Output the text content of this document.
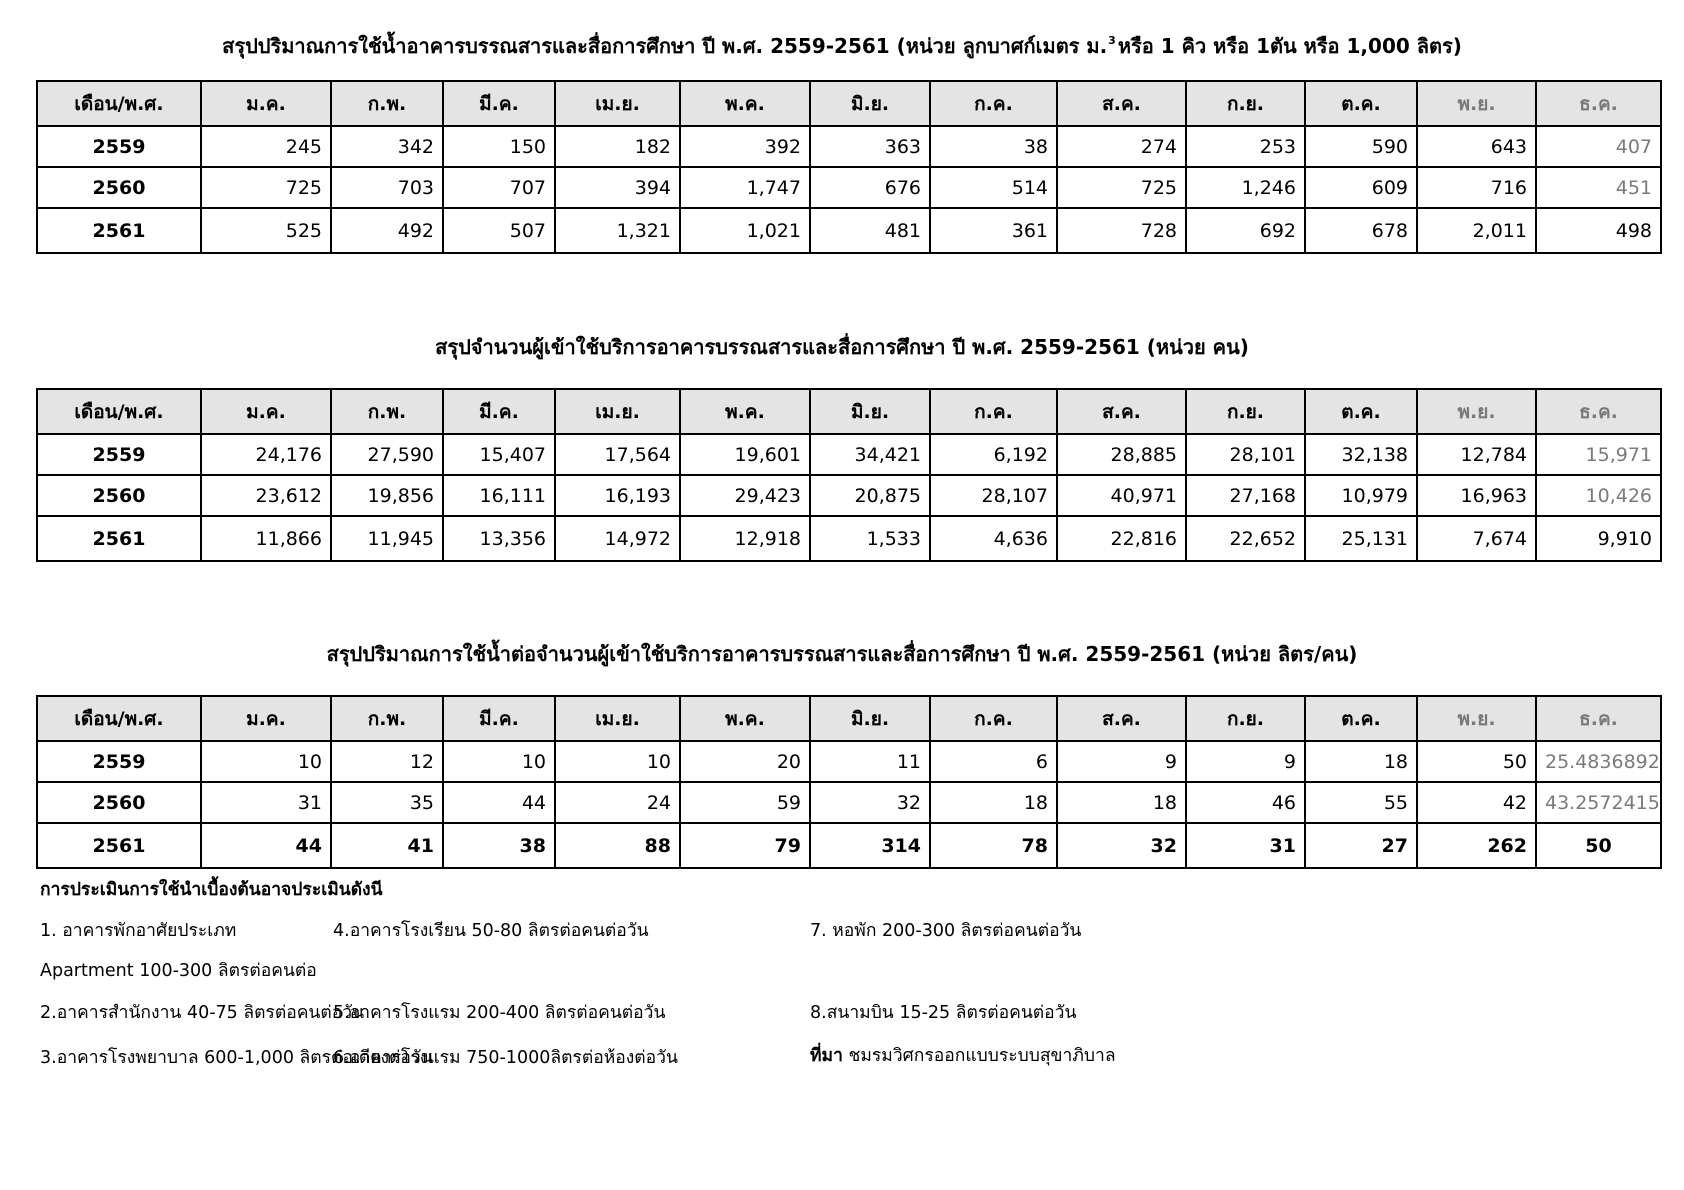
สรุปปริมาณการใช้น้ำอาคารบรรณสารและสื่อการศึกษา ปี พ.ศ. 2559-2561 (หน่วย ลูกบาศก์เมตร ม.$^3$ หรือ 1 คิว หรือ 1ตัน หรือ 1,000 ลิตร)
เดือน/พ.ศ.	ม.ค.	ก.พ.	มี.ค.	เม.ย.	พ.ค.	มิ.ย.	ก.ค.	ส.ค.	ก.ย.	ต.ค.	พ.ย.	ธ.ค.
2559	245	342	150	182	392	363	38	274	253	590	643	407
2560	725	703	707	394	1,747	676	514	725	1,246	609	716	451
2561	525	492	507	1,321	1,021	481	361	728	692	678	2,011	498
สรุปจำนวนผู้เข้าใช้บริการอาคารบรรณสารและสื่อการศึกษา ปี พ.ศ. 2559-2561 (หน่วย คน)
เดือน/พ.ศ.	ม.ค.	ก.พ.	มี.ค.	เม.ย.	พ.ค.	มิ.ย.	ก.ค.	ส.ค.	ก.ย.	ต.ค.	พ.ย.	ธ.ค.
2559	24,176	27,590	15,407	17,564	19,601	34,421	6,192	28,885	28,101	32,138	12,784	15,971
2560	23,612	19,856	16,111	16,193	29,423	20,875	28,107	40,971	27,168	10,979	16,963	10,426
2561	11,866	11,945	13,356	14,972	12,918	1,533	4,636	22,816	22,652	25,131	7,674	9,910
สรุปปริมาณการใช้น้ำต่อจำนวนผู้เข้าใช้บริการอาคารบรรณสารและสื่อการศึกษา ปี พ.ศ. 2559-2561 (หน่วย ลิตร/คน)
เดือน/พ.ศ.	ม.ค.	ก.พ.	มี.ค.	เม.ย.	พ.ค.	มิ.ย.	ก.ค.	ส.ค.	ก.ย.	ต.ค.	พ.ย.	ธ.ค.
2559	10	12	10	10	20	11	6	9	9	18	50	25.4836892
2560	31	35	44	24	59	32	18	18	46	55	42	43.2572415
2561	44	41	38	88	79	314	78	32	31	27	262	50
การประเมินการใช้นำเบื้องต้นอาจประเมินดังนี
1. อาคารพักอาศัยประเภท
Apartment 100-300 ลิตรต่อคนต่อ
2.อาคารสำนักงาน 40-75 ลิตรต่อคนต่อวัน
3.อาคารโรงพยาบาล 600-1,000 ลิตรต่อเตียงต่อวัน
4.อาคารโรงเรียน 50-80 ลิตรต่อคนต่อวัน
5.อาคารโรงแรม 200-400 ลิตรต่อคนต่อวัน
6.อาคารโรงแรม 750-1000ลิตรต่อห้องต่อวัน
7. หอพัก 200-300 ลิตรต่อคนต่อวัน
8.สนามบิน 15-25 ลิตรต่อคนต่อวัน
ที่มา ชมรมวิศกรออกแบบระบบสุขาภิบาล
